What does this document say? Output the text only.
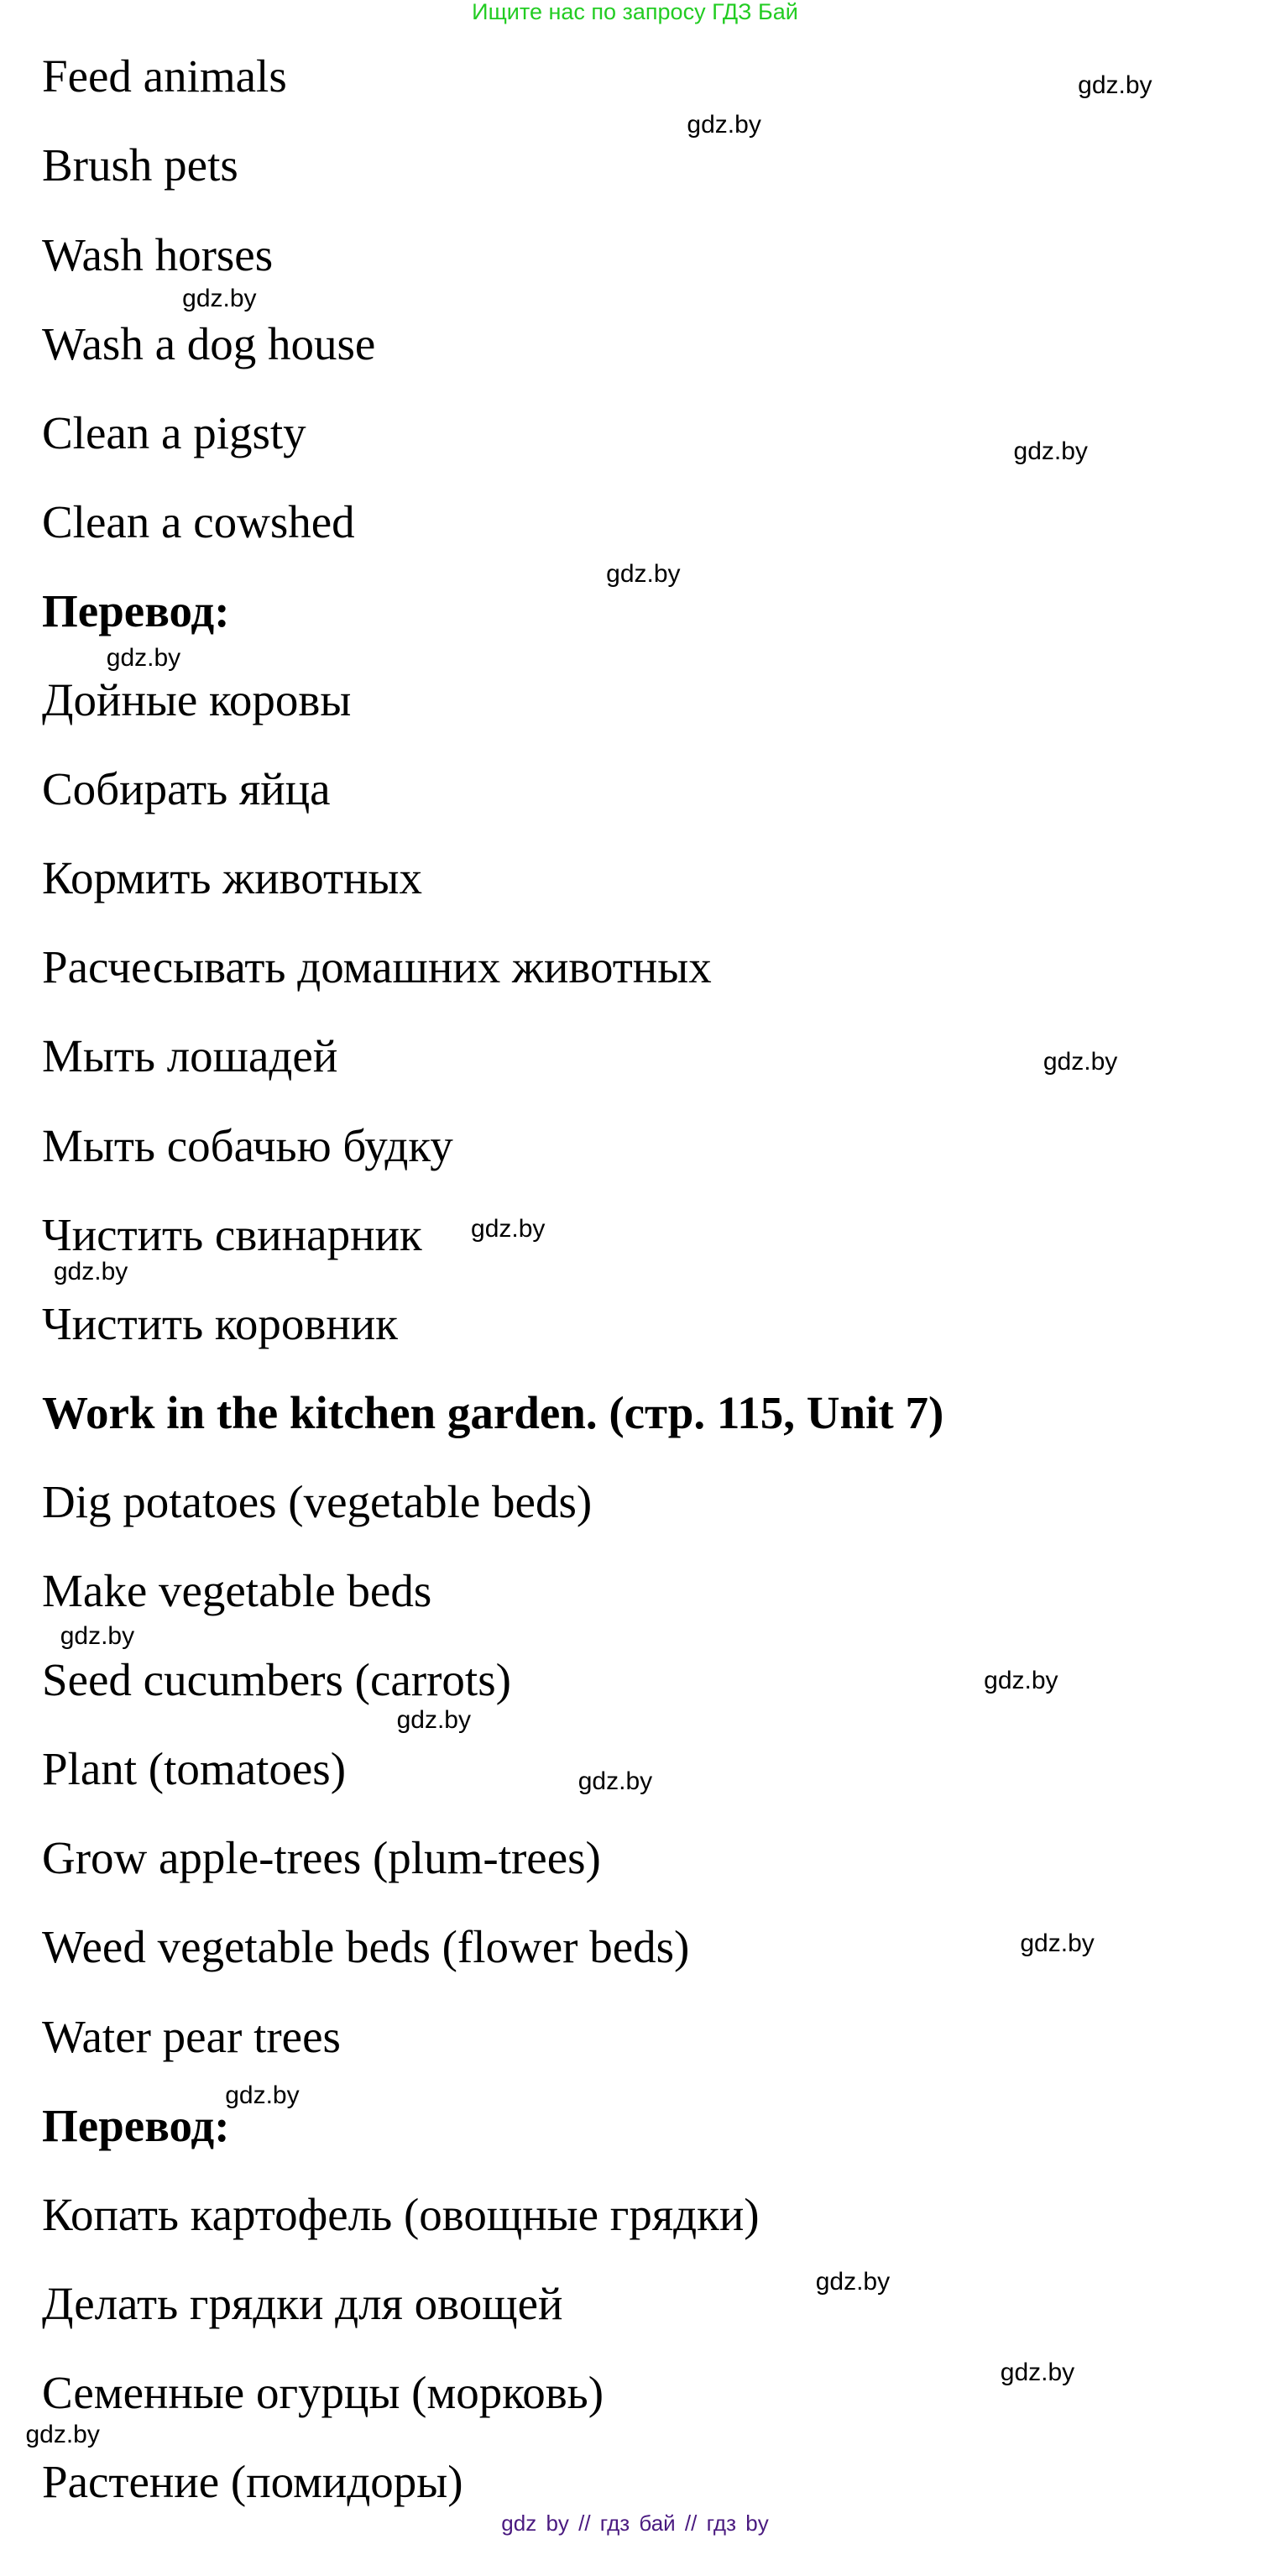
Ищите нас по запросу ГДЗ Бай
Feed animals
Brush pets
Wash horses
Wash a dog house
Clean a pigsty
Clean a cowshed
Перевод:
Дойные коровы
Собирать яйца
Кормить животных
Расчесывать домашних животных
Мыть лошадей
Мыть собачью будку
Чистить свинарник
Чистить коровник
Work in the kitchen garden. (стр. 115, Unit 7)
Dig potatoes (vegetable beds)
Make vegetable beds
Seed cucumbers (carrots)
Plant (tomatoes)
Grow apple-trees (plum-trees)
Weed vegetable beds (flower beds)
Water pear trees
Перевод:
Копать картофель (овощные грядки)
Делать грядки для овощей
Семенные огурцы (морковь)
Растение (помидоры)
gdz.by
gdz.by
gdz.by
gdz.by
gdz.by
gdz.by
gdz.by
gdz.by
gdz.by
gdz.by
gdz.by
gdz.by
gdz.by
gdz.by
gdz.by
gdz.by
gdz.by
gdz.by
gdz by // гдз бай // гдз by
